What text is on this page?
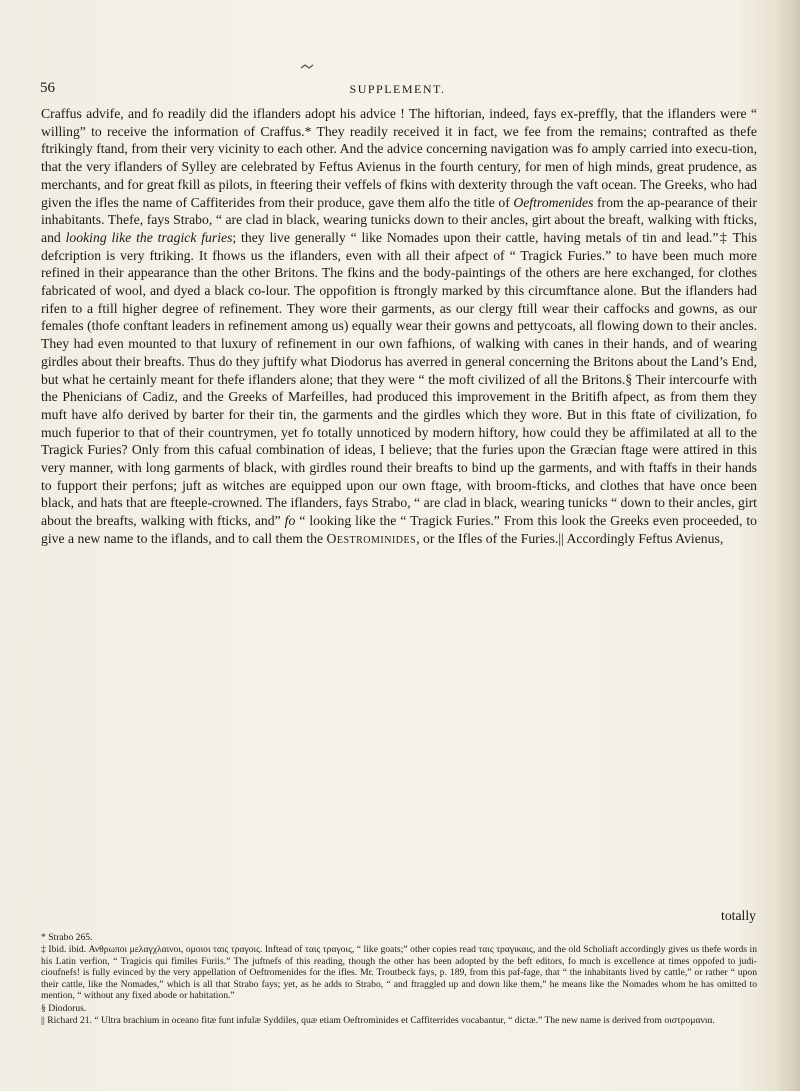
56	SUPPLEMENT.

Craffus advife, and fo readily did the iflanders adopt his advice ! The hiftorian, indeed, fays ex-preffly, that the iflanders were “ willing” to receive the information of Craffus.* They readily received it in fact, we fee from the remains; contrafted as thefe ftrikingly ftand, from their very vicinity to each other. And the advice concerning navigation was fo amply carried into execu-tion, that the very iflanders of Sylley are celebrated by Feftus Avienus in the fourth century, for men of high minds, great prudence, as merchants, and for great fkill as pilots, in fteering their veffels of fkins with dexterity through the vaft ocean. The Greeks, who had given the ifles the name of Caffiterides from their produce, gave them alfo the title of Oeftromenides from the ap-pearance of their inhabitants. Thefe, fays Strabo, “ are clad in black, wearing tunicks down to their ancles, girt about the breaft, walking with fticks, and looking like the tragick furies; they live generally “ like Nomades upon their cattle, having metals of tin and lead.”‡ This defcription is very ftriking. It fhows us the iflanders, even with all their afpect of “ Tragick Furies.” to have been much more refined in their appearance than the other Britons. The fkins and the body-paintings of the others are here exchanged, for clothes fabricated of wool, and dyed a black co-lour. The oppofition is ftrongly marked by this circumftance alone. But the iflanders had rifen to a ftill higher degree of refinement. They wore their garments, as our clergy ftill wear their caffocks and gowns, as our females (thofe conftant leaders in refinement among us) equally wear their gowns and pettycoats, all flowing down to their ancles. They had even mounted to that luxury of refinement in our own fafhions, of walking with canes in their hands, and of wearing girdles about their breafts. Thus do they juftify what Diodorus has averred in general concerning the Britons about the Land’s End, but what he certainly meant for thefe iflanders alone; that they were “ the moft civilized of all the Britons.§ Their intercourfe with the Phenicians of Cadiz, and the Greeks of Marfeilles, had produced this improvement in the Britifh afpect, as from them they muft have alfo derived by barter for their tin, the garments and the girdles which they wore. But in this ftate of civilization, fo much fuperior to that of their countrymen, yet fo totally unnoticed by modern hiftory, how could they be affimilated at all to the Tragick Furies? Only from this cafual combination of ideas, I believe; that the furies upon the Græcian ftage were attired in this very manner, with long garments of black, with girdles round their breafts to bind up the garments, and with ftaffs in their hands to fupport their perfons; juft as witches are equipped upon our own ftage, with broom-fticks, and clothes that have once been black, and hats that are fteeple-crowned. The iflanders, fays Strabo, “ are clad in black, wearing tunicks “ down to their ancles, girt about the breafts, walking with fticks, and” fo “ looking like the “ Tragick Furies.” From this look the Greeks even proceeded, to give a new name to the iflands, and to call them the Oestrominides, or the Ifles of the Furies.|| Accordingly Feftus Avienus,

totally

* Strabo 265.

‡ Ibid. ibid. Ανθρωποι μελαγχλαινοι, ομοιοι ταις τραγοις. Inftead of ταις τραγοις, “ like goats;” other copies read ταις τραγικαις, and the old Scholiaft accordingly gives us thefe words in his Latin verfion, “ Tragicis qui fimiles Furiis.” The juftnefs of this reading, though the other has been adopted by the beft editors, fo much is excellence at times oppofed to judi-cioufnefs! is fully evinced by the very appellation of Oeftromenides for the ifles. Mr. Troutbeck fays, p. 189, from this paf-fage, that “ the inhabitants lived by cattle,” or rather “ upon their cattle, like the Nomades,” which is all that Strabo fays; yet, as he adds to Strabo, “ and ftraggled up and down like them,” he means like the Nomades whom he has omitted to mention, “ without any fixed abode or habitation.”

§ Diodorus.

|| Richard 21. “ Ultra brachium in oceano fitæ funt infulæ Syddiles, quæ etiam Oeftrominides et Caffiterrides vocabantur, “ dictæ.” The new name is derived from οιστρομανια.
